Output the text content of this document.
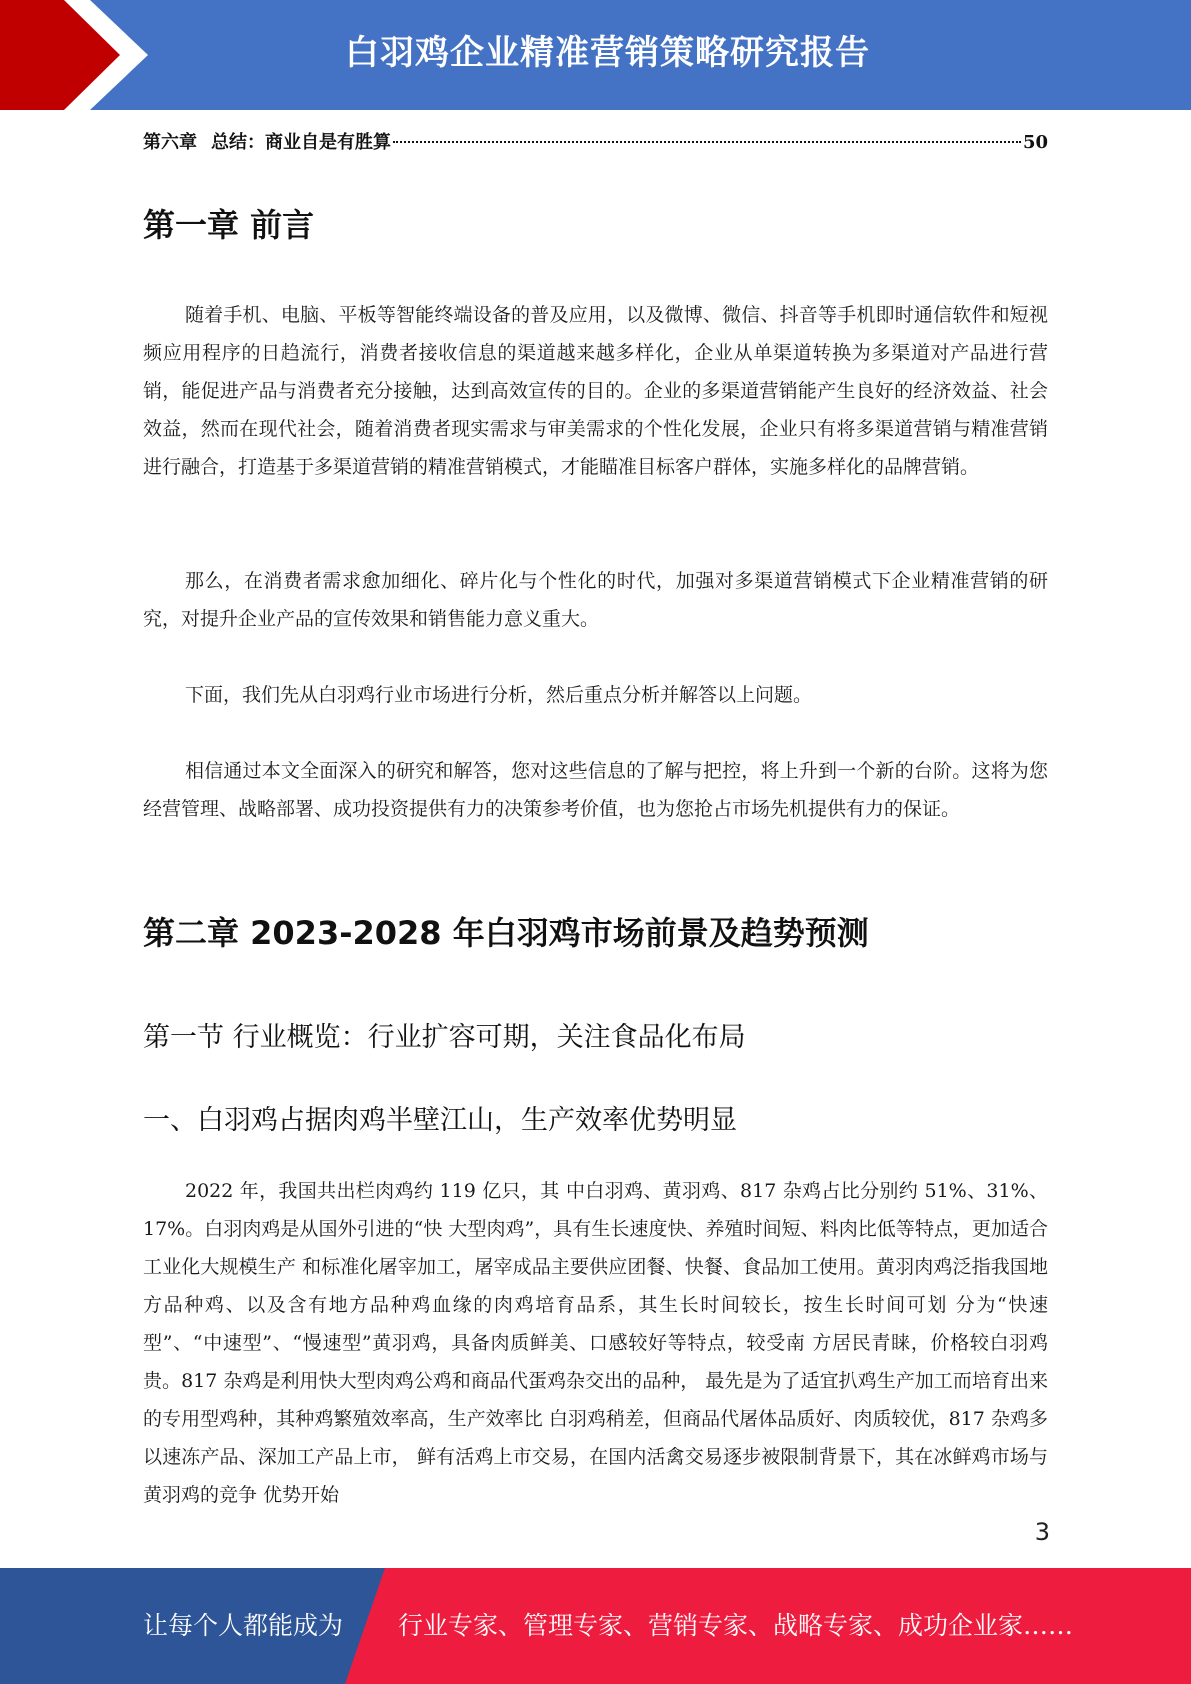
白羽鸡企业精准营销策略研究报告
第六章 总结：商业自是有胜算	50
第一章 前言

随着手机、电脑、平板等智能终端设备的普及应用，以及微博、微信、抖音等手机即时通信软件和短视频应用程序的日趋流行，消费者接收信息的渠道越来越多样化，企业从单渠道转换为多渠道对产品进行营销，能促进产品与消费者充分接触，达到高效宣传的目的。企业的多渠道营销能产生良好的经济效益、社会效益，然而在现代社会，随着消费者现实需求与审美需求的个性化发展，企业只有将多渠道营销与精准营销进行融合，打造基于多渠道营销的精准营销模式，才能瞄准目标客户群体，实施多样化的品牌营销。

那么，在消费者需求愈加细化、碎片化与个性化的时代，加强对多渠道营销模式下企业精准营销的研究，对提升企业产品的宣传效果和销售能力意义重大。

下面，我们先从白羽鸡行业市场进行分析，然后重点分析并解答以上问题。

相信通过本文全面深入的研究和解答，您对这些信息的了解与把控，将上升到一个新的台阶。这将为您经营管理、战略部署、成功投资提供有力的决策参考价值，也为您抢占市场先机提供有力的保证。

第二章 2023-2028 年白羽鸡市场前景及趋势预测
第一节 行业概览：行业扩容可期，关注食品化布局
一、白羽鸡占据肉鸡半壁江山，生产效率优势明显

2022 年，我国共出栏肉鸡约 119 亿只，其 中白羽鸡、黄羽鸡、817 杂鸡占比分别约 51%、31%、17%。白羽肉鸡是从国外引进的“快 大型肉鸡”，具有生长速度快、养殖时间短、料肉比低等特点，更加适合工业化大规模生产 和标准化屠宰加工，屠宰成品主要供应团餐、快餐、食品加工使用。黄羽肉鸡泛指我国地 方品种鸡、以及含有地方品种鸡血缘的肉鸡培育品系，其生长时间较长，按生长时间可划 分为“快速型”、“中速型”、“慢速型”黄羽鸡，具备肉质鲜美、口感较好等特点，较受南 方居民青睐，价格较白羽鸡贵。817 杂鸡是利用快大型肉鸡公鸡和商品代蛋鸡杂交出的品种， 最先是为了适宜扒鸡生产加工而培育出来的专用型鸡种，其种鸡繁殖效率高，生产效率比 白羽鸡稍差，但商品代屠体品质好、肉质较优，817 杂鸡多以速冻产品、深加工产品上市， 鲜有活鸡上市交易，在国内活禽交易逐步被限制背景下，其在冰鲜鸡市场与黄羽鸡的竞争 优势开始

3
让每个人都能成为 行业专家、管理专家、营销专家、战略专家、成功企业家……
